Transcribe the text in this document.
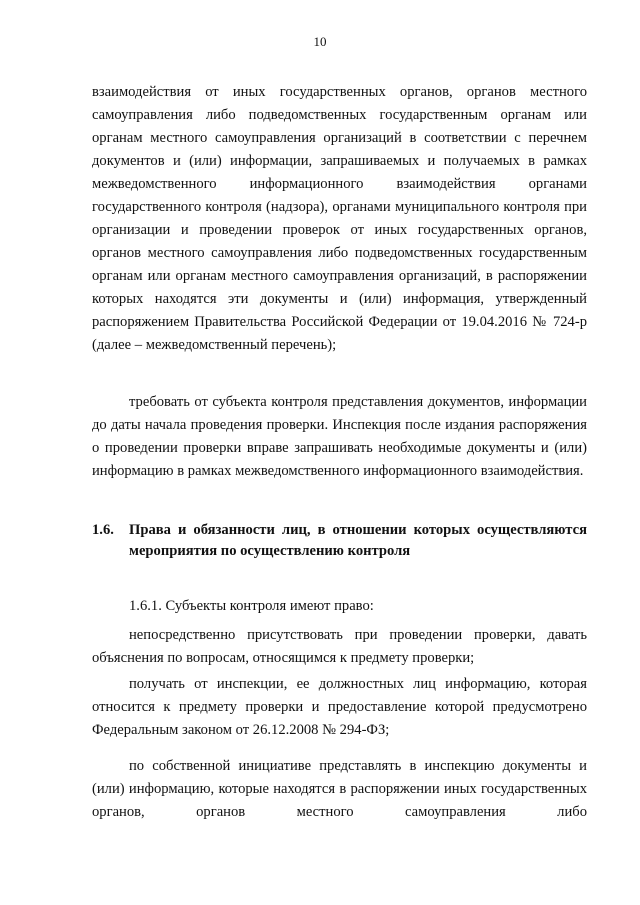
10

взаимодействия от иных государственных органов, органов местного самоуправления либо подведомственных государственным органам или органам местного самоуправления организаций в соответствии с перечнем документов и (или) информации, запрашиваемых и получаемых в рамках межведомственного информационного взаимодействия органами государственного контроля (надзора), органами муниципального контроля при организации и проведении проверок от иных государственных органов, органов местного самоуправления либо подведомственных государственным органам или органам местного самоуправления организаций, в распоряжении которых находятся эти документы и (или) информация, утвержденный распоряжением Правительства Российской Федерации от 19.04.2016 № 724-р (далее – межведомственный перечень);

требовать от субъекта контроля представления документов, информации до даты начала проведения проверки. Инспекция после издания распоряжения о проведении проверки вправе запрашивать необходимые документы и (или) информацию в рамках межведомственного информационного взаимодействия.

1.6.	Права и обязанности лиц, в отношении которых осуществляются мероприятия по осуществлению контроля

1.6.1. Субъекты контроля имеют право:

непосредственно присутствовать при проведении проверки, давать объяснения по вопросам, относящимся к предмету проверки;

получать от инспекции, ее должностных лиц информацию, которая относится к предмету проверки и предоставление которой предусмотрено Федеральным законом от 26.12.2008 № 294-ФЗ;

по собственной инициативе представлять в инспекцию документы и (или) информацию, которые находятся в распоряжении иных государственных органов, органов местного самоуправления либо
